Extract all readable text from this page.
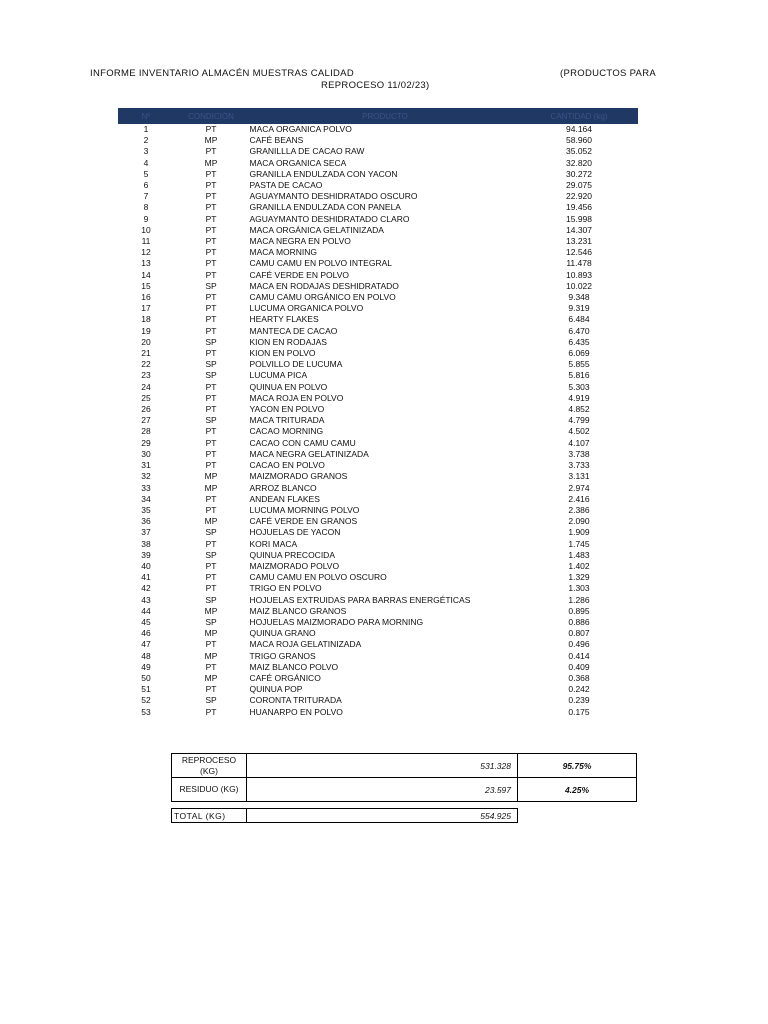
INFORME INVENTARIO ALMACÉN MUESTRAS CALIDAD	(PRODUCTOS PARA
REPROCESO 11/02/23)
Nº	CONDICIÓN	PRODUCTO	CANTIDAD (kg)
1	PT	MACA ORGANICA POLVO	94.164
2	MP	CAFÉ BEANS	58.960
3	PT	GRANILLLA DE CACAO RAW	35.052
4	MP	MACA ORGANICA SECA	32.820
5	PT	GRANILLA ENDULZADA CON YACON	30.272
6	PT	PASTA DE CACAO	29.075
7	PT	AGUAYMANTO DESHIDRATADO OSCURO	22.920
8	PT	GRANILLA ENDULZADA CON PANELA	19.456
9	PT	AGUAYMANTO DESHIDRATADO CLARO	15.998
10	PT	MACA ORGÁNICA GELATINIZADA	14.307
11	PT	MACA NEGRA EN POLVO	13.231
12	PT	MACA MORNING	12.546
13	PT	CAMU CAMU EN POLVO INTEGRAL	11.478
14	PT	CAFÉ VERDE EN POLVO	10.893
15	SP	MACA EN RODAJAS DESHIDRATADO	10.022
16	PT	CAMU CAMU ORGÁNICO EN POLVO	9.348
17	PT	LUCUMA ORGANICA POLVO	9.319
18	PT	HEARTY FLAKES	6.484
19	PT	MANTECA DE CACAO	6.470
20	SP	KION EN RODAJAS	6.435
21	PT	KION EN POLVO	6.069
22	SP	POLVILLO DE LUCUMA	5.855
23	SP	LUCUMA PICA	5.816
24	PT	QUINUA EN POLVO	5.303
25	PT	MACA ROJA EN POLVO	4.919
26	PT	YACON EN POLVO	4.852
27	SP	MACA TRITURADA	4.799
28	PT	CACAO MORNING	4.502
29	PT	CACAO CON CAMU CAMU	4.107
30	PT	MACA NEGRA GELATINIZADA	3.738
31	PT	CACAO EN POLVO	3.733
32	MP	MAIZMORADO GRANOS	3.131
33	MP	ARROZ BLANCO	2.974
34	PT	ANDEAN FLAKES	2.416
35	PT	LUCUMA MORNING POLVO	2.386
36	MP	CAFÉ VERDE EN GRANOS	2.090
37	SP	HOJUELAS DE YACON	1.909
38	PT	KORI MACA	1.745
39	SP	QUINUA PRECOCIDA	1.483
40	PT	MAIZMORADO POLVO	1.402
41	PT	CAMU CAMU EN POLVO OSCURO	1.329
42	PT	TRIGO EN POLVO	1.303
43	SP	HOJUELAS EXTRUIDAS PARA BARRAS ENERGÉTICAS	1.286
44	MP	MAIZ BLANCO GRANOS	0.895
45	SP	HOJUELAS MAIZMORADO PARA MORNING	0.886
46	MP	QUINUA GRANO	0.807
47	PT	MACA ROJA GELATINIZADA	0.496
48	MP	TRIGO GRANOS	0.414
49	PT	MAIZ BLANCO POLVO	0.409
50	MP	CAFÉ ORGÁNICO	0.368
51	PT	QUINUA POP	0.242
52	SP	CORONTA TRITURADA	0.239
53	PT	HUANARPO EN POLVO	0.175
REPROCESO (KG)	531.328	95.75%
RESIDUO (KG)	23.597	4.25%

TOTAL (KG)	554.925	
